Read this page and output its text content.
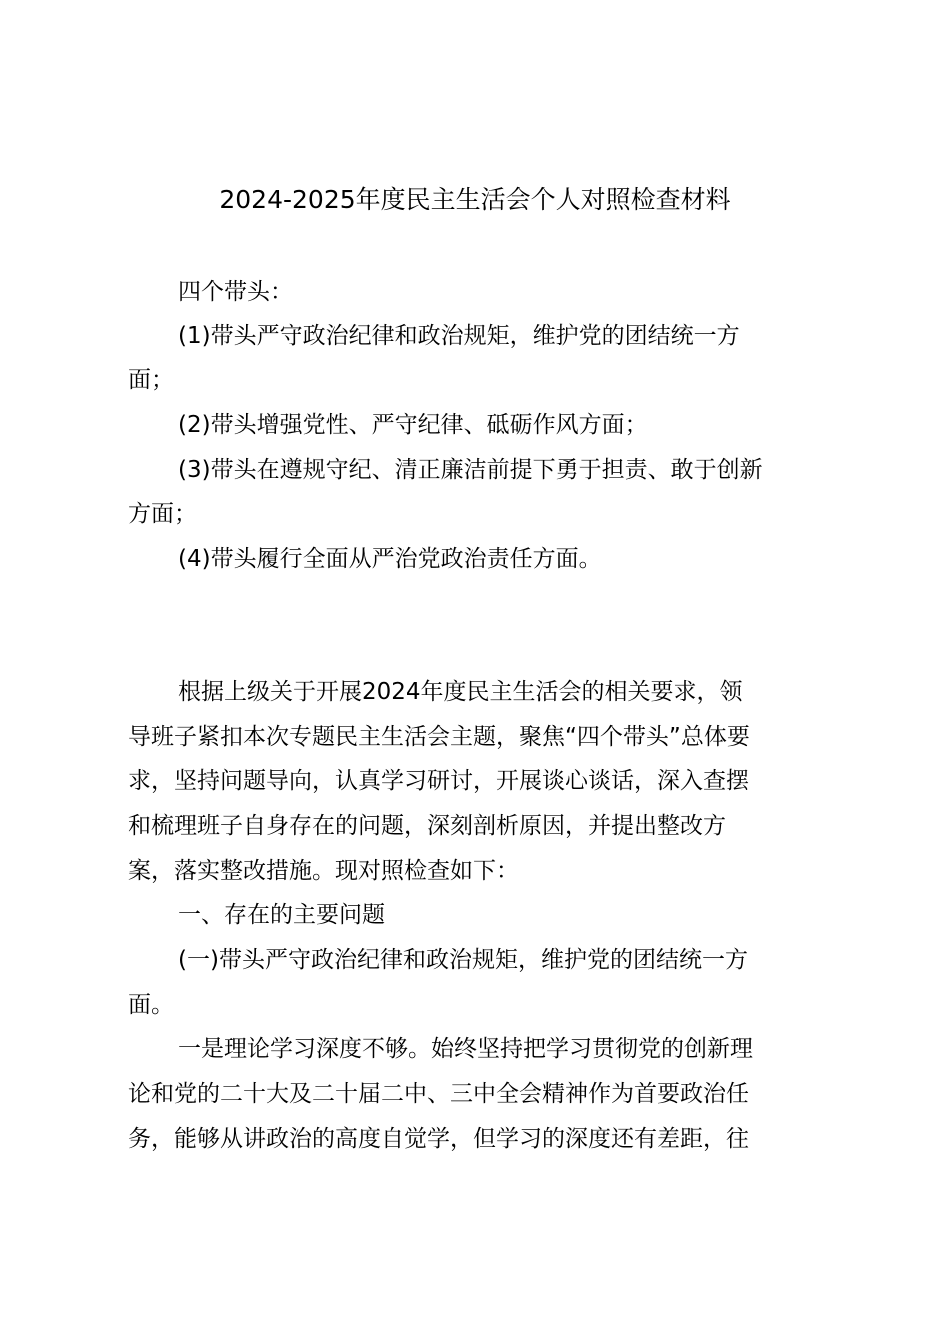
2024-2025年度民主生活会个人对照检查材料
四个带头：
(1)带头严守政治纪律和政治规矩，维护党的团结统一方
面；
(2)带头增强党性、严守纪律、砥砺作风方面；
(3)带头在遵规守纪、清正廉洁前提下勇于担责、敢于创新
方面；
(4)带头履行全面从严治党政治责任方面。
根据上级关于开展2024年度民主生活会的相关要求，领
导班子紧扣本次专题民主生活会主题，聚焦“四个带头”总体要
求，坚持问题导向，认真学习研讨，开展谈心谈话，深入查摆
和梳理班子自身存在的问题，深刻剖析原因，并提出整改方
案，落实整改措施。现对照检查如下：
一、存在的主要问题
(一)带头严守政治纪律和政治规矩，维护党的团结统一方
面。
一是理论学习深度不够。始终坚持把学习贯彻党的创新理
论和党的二十大及二十届二中、三中全会精神作为首要政治任
务，能够从讲政治的高度自觉学，但学习的深度还有差距，往
